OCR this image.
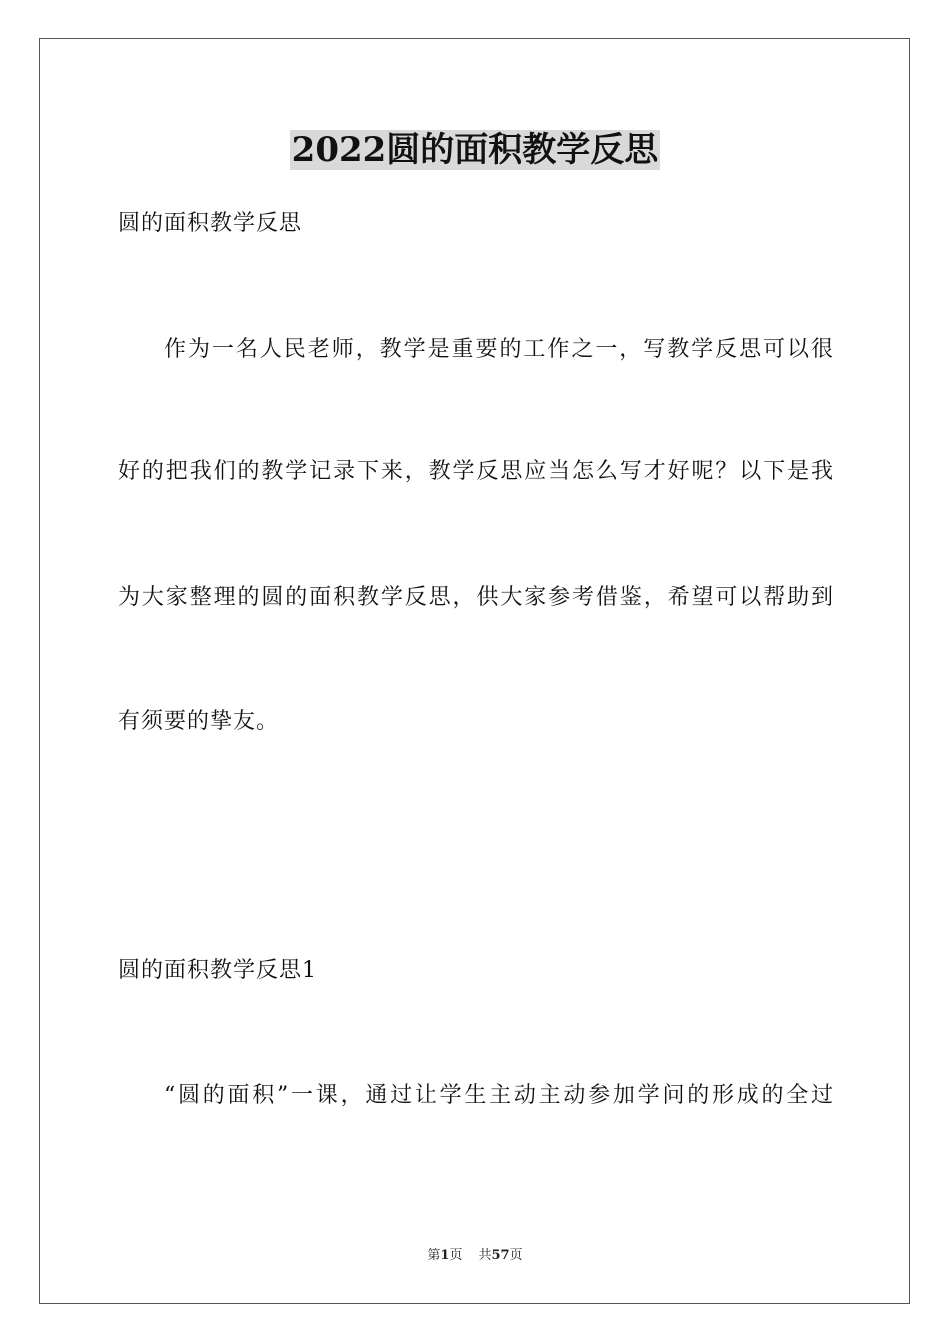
2022圆的面积教学反思

圆的面积教学反思

作为一名人民老师，教学是重要的工作之一，写教学反思可以很

好的把我们的教学记录下来，教学反思应当怎么写才好呢？以下是我

为大家整理的圆的面积教学反思，供大家参考借鉴，希望可以帮助到

有须要的挚友。

圆的面积教学反思1

“圆的面积”一课，通过让学生主动主动参加学问的形成的全过

第1页 共57页
